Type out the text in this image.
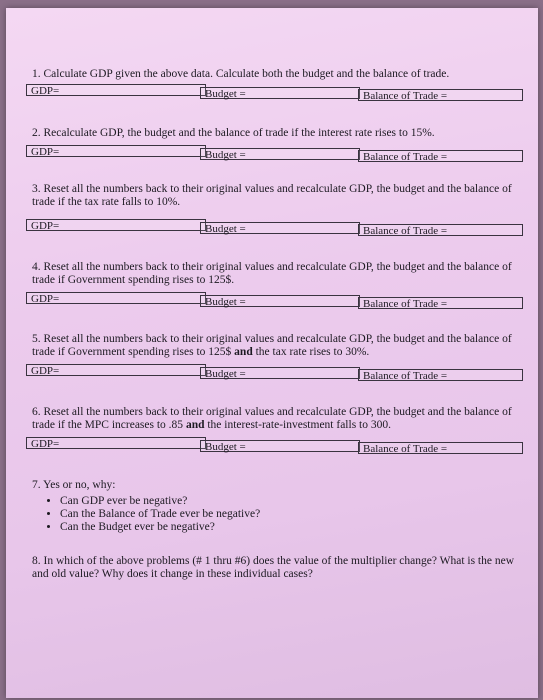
1. Calculate GDP given the above data. Calculate both the budget and the balance of trade.
GDP=	Budget =	Balance of Trade =
2. Recalculate GDP, the budget and the balance of trade if the interest rate rises to 15%.
GDP=	Budget =	Balance of Trade =
3. Reset all the numbers back to their original values and recalculate GDP, the budget and the balance of trade if the tax rate falls to 10%.
GDP=	Budget =	Balance of Trade =
4. Reset all the numbers back to their original values and recalculate GDP, the budget and the balance of trade if Government spending rises to 125$.
GDP=	Budget =	Balance of Trade =
5. Reset all the numbers back to their original values and recalculate GDP, the budget and the balance of trade if Government spending rises to 125$ and the tax rate rises to 30%.
GDP=	Budget =	Balance of Trade =
6. Reset all the numbers back to their original values and recalculate GDP, the budget and the balance of trade if the MPC increases to .85 and the interest-rate-investment falls to 300.
GDP=	Budget =	Balance of Trade =
7. Yes or no, why:
• Can GDP ever be negative?
• Can the Balance of Trade ever be negative?
• Can the Budget ever be negative?
8. In which of the above problems (# 1 thru #6) does the value of the multiplier change? What is the new and old value? Why does it change in these individual cases?
